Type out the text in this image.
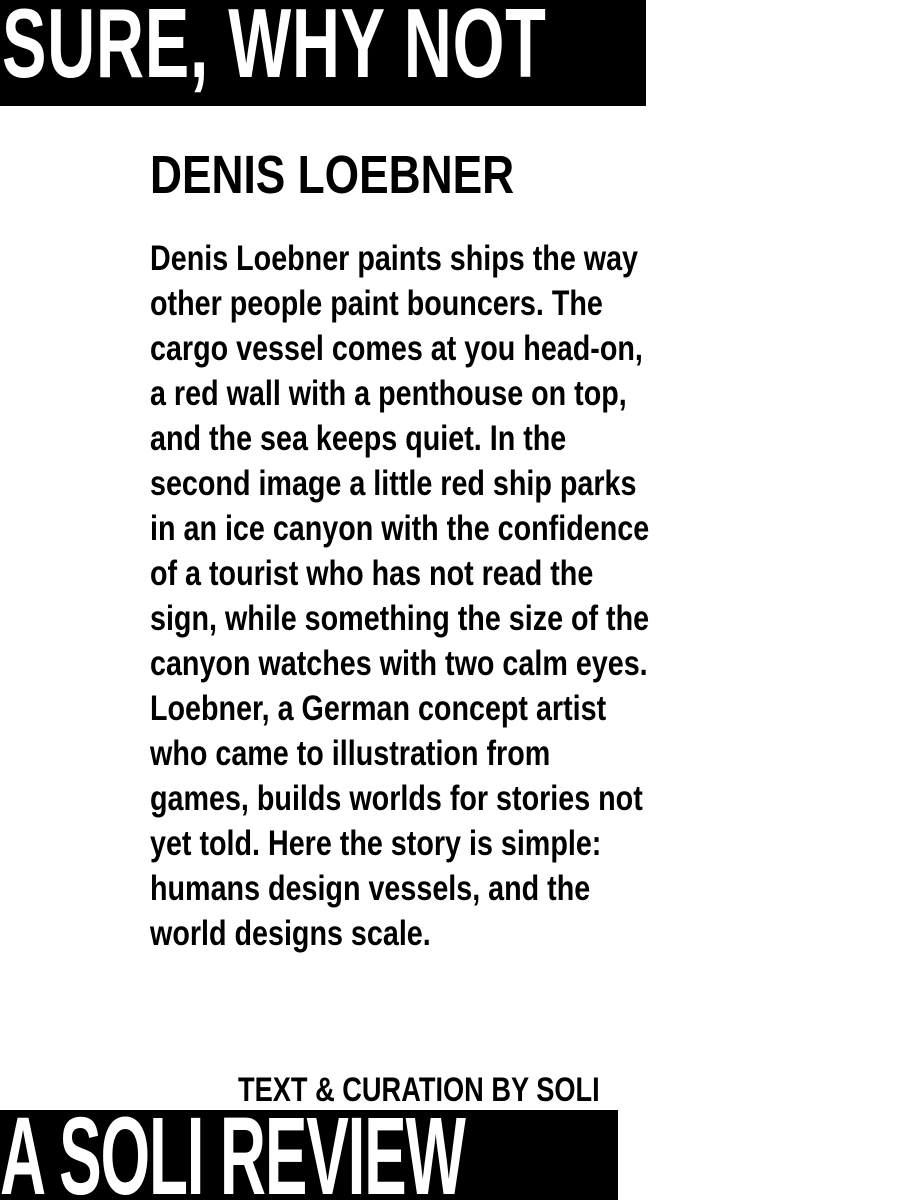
SURE, WHY NOT
DENIS LOEBNER
Denis Loebner paints ships the way
other people paint bouncers. The
cargo vessel comes at you head-on,
a red wall with a penthouse on top,
and the sea keeps quiet. In the
second image a little red ship parks
in an ice canyon with the confidence
of a tourist who has not read the
sign, while something the size of the
canyon watches with two calm eyes.
Loebner, a German concept artist
who came to illustration from
games, builds worlds for stories not
yet told. Here the story is simple:
humans design vessels, and the
world designs scale.
TEXT & CURATION BY SOLI
A SOLI REVIEW
